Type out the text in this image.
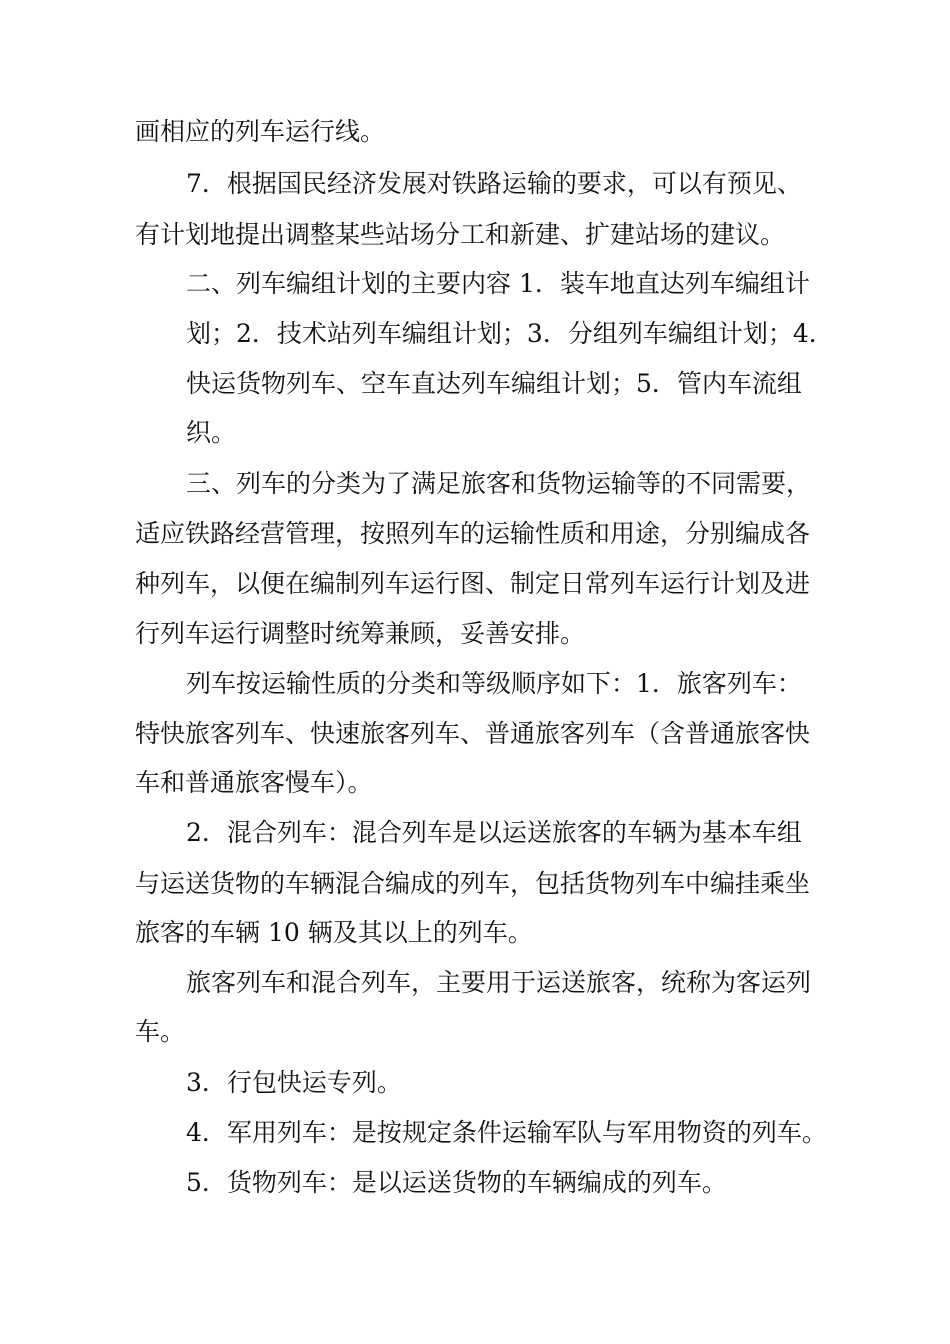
画相应的列车运行线。
7．根据国民经济发展对铁路运输的要求，可以有预见、
有计划地提出调整某些站场分工和新建、扩建站场的建议。
二、列车编组计划的主要内容 1．装车地直达列车编组计
划；2．技术站列车编组计划；3．分组列车编组计划；4．
快运货物列车、空车直达列车编组计划；5．管内车流组
织。
三、列车的分类为了满足旅客和货物运输等的不同需要，
适应铁路经营管理，按照列车的运输性质和用途，分别编成各
种列车，以便在编制列车运行图、制定日常列车运行计划及进
行列车运行调整时统筹兼顾，妥善安排。
列车按运输性质的分类和等级顺序如下：1．旅客列车：
特快旅客列车、快速旅客列车、普通旅客列车（含普通旅客快
车和普通旅客慢车）。
2．混合列车：混合列车是以运送旅客的车辆为基本车组
与运送货物的车辆混合编成的列车，包括货物列车中编挂乘坐
旅客的车辆 10 辆及其以上的列车。
旅客列车和混合列车，主要用于运送旅客，统称为客运列
车。
3．行包快运专列。
4．军用列车：是按规定条件运输军队与军用物资的列车。
5．货物列车：是以运送货物的车辆编成的列车。
